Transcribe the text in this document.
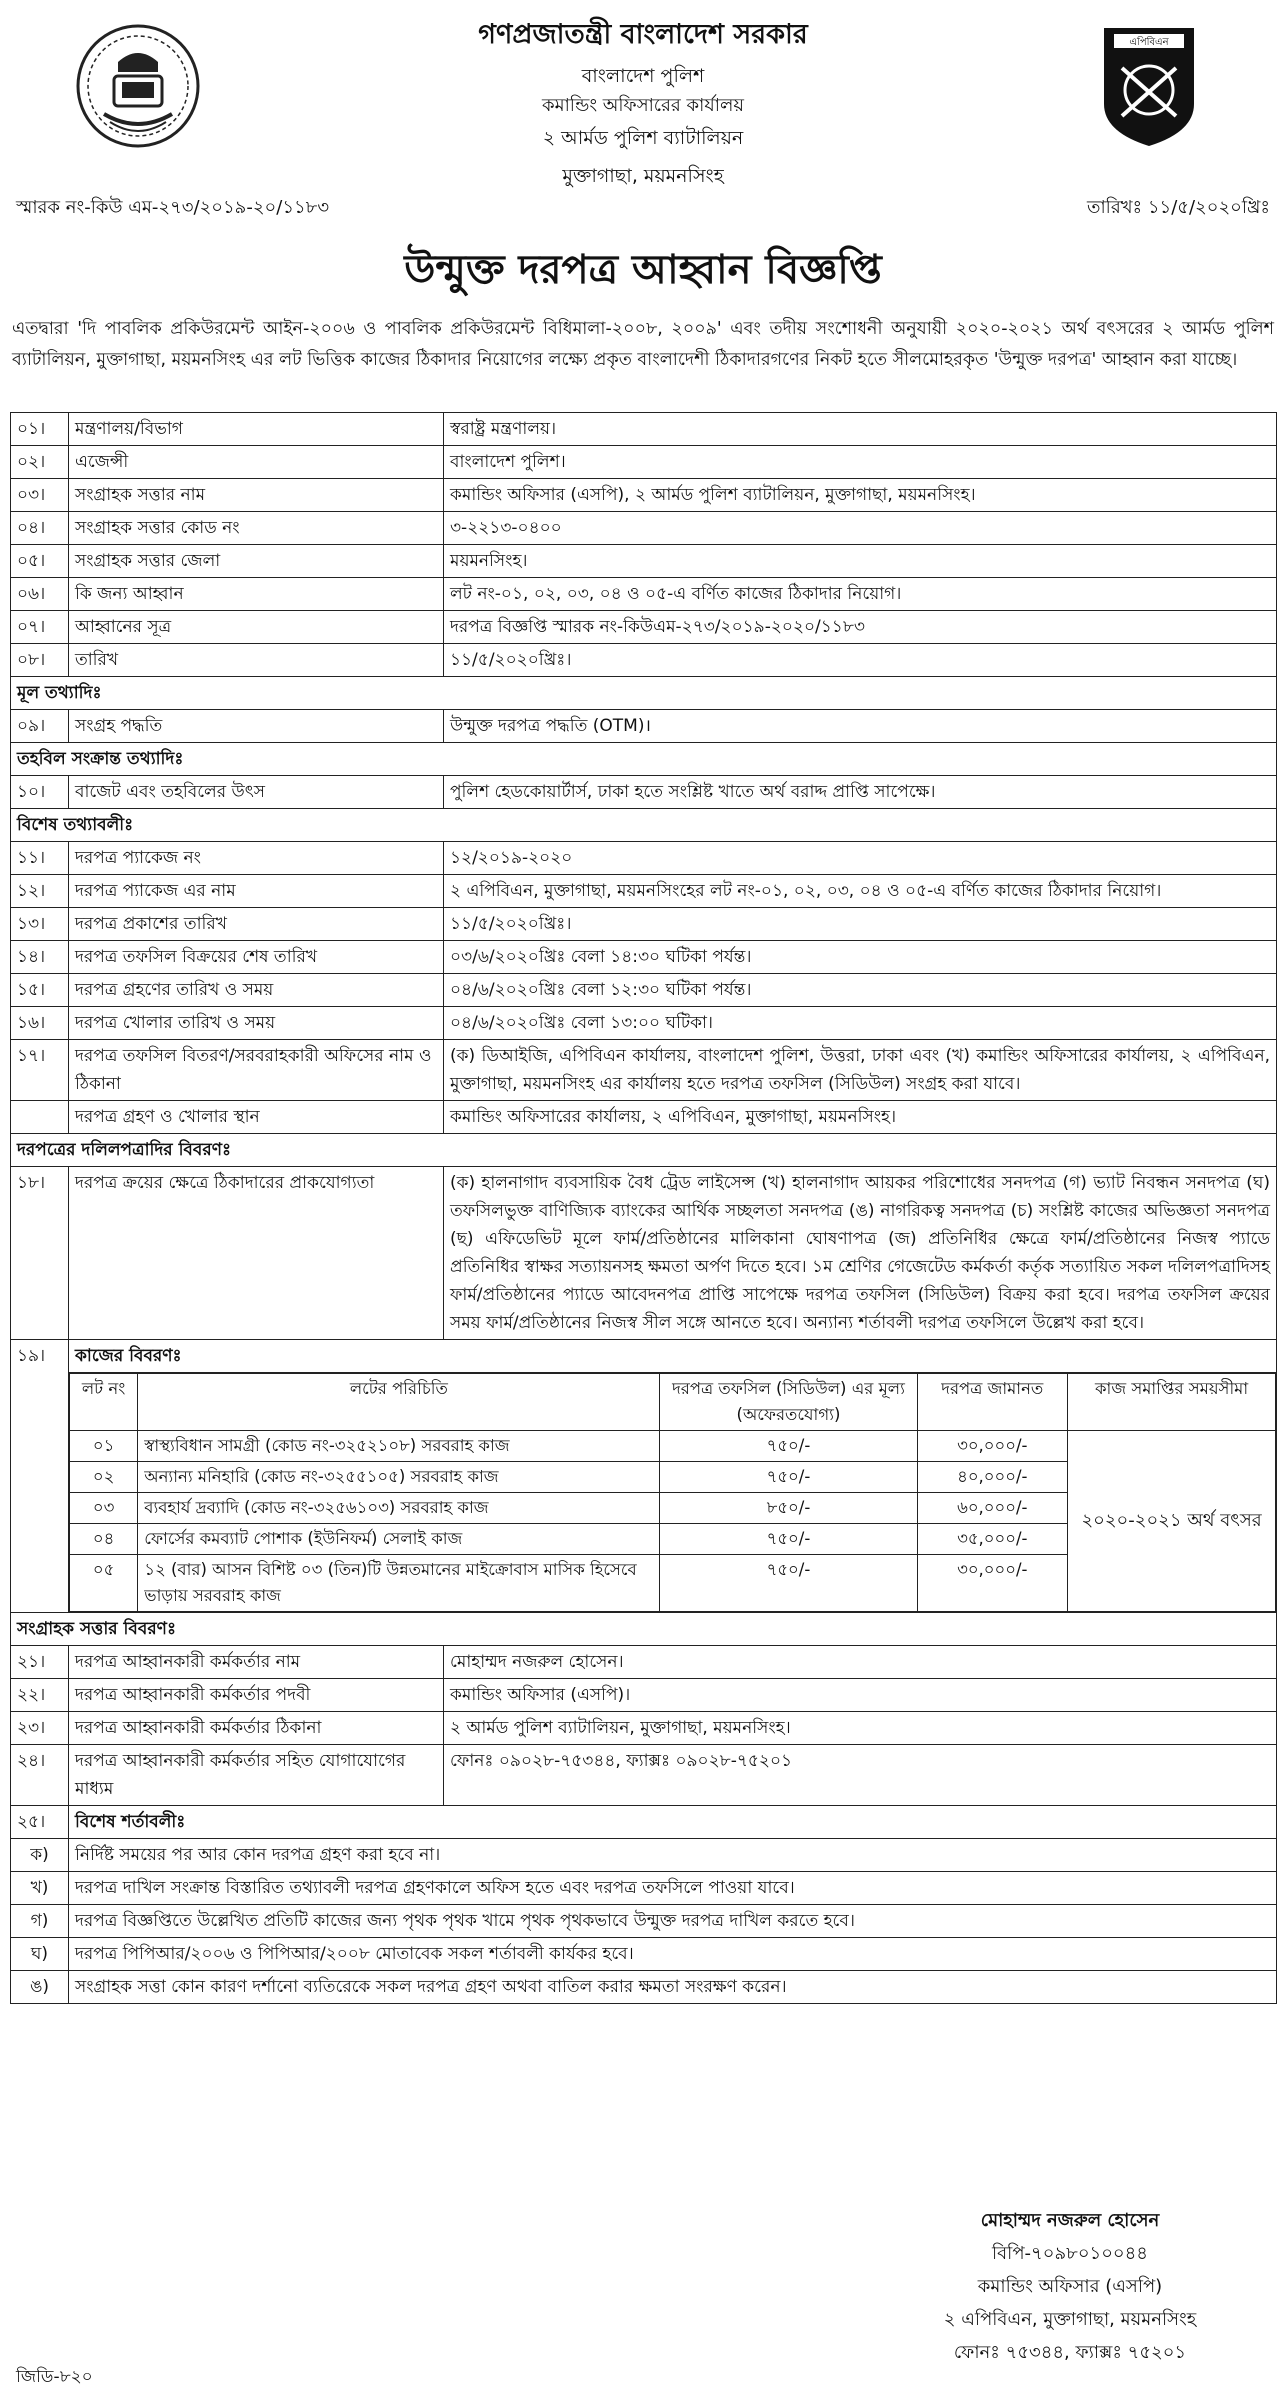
গণপ্রজাতন্ত্রী বাংলাদেশ সরকার
বাংলাদেশ পুলিশ
কমান্ডিং অফিসারের কার্যালয়
২ আর্মড পুলিশ ব্যাটালিয়ন
মুক্তাগাছা, ময়মনসিংহ
এপিবিএন
স্মারক নং-কিউ এম-২৭৩/২০১৯-২০/১১৮৩	তারিখঃ ১১/৫/২০২০খ্রিঃ
উন্মুক্ত দরপত্র আহ্বান বিজ্ঞপ্তি
এতদ্বারা 'দি পাবলিক প্রকিউরমেন্ট আইন-২০০৬ ও পাবলিক প্রকিউরমেন্ট বিধিমালা-২০০৮, ২০০৯' এবং তদীয় সংশোধনী অনুযায়ী ২০২০-২০২১ অর্থ বৎসরের ২ আর্মড পুলিশ ব্যাটালিয়ন, মুক্তাগাছা, ময়মনসিংহ এর লট ভিত্তিক কাজের ঠিকাদার নিয়োগের লক্ষ্যে প্রকৃত বাংলাদেশী ঠিকাদারগণের নিকট হতে সীলমোহরকৃত 'উন্মুক্ত দরপত্র' আহ্বান করা যাচ্ছে।
০১।	মন্ত্রণালয়/বিভাগ	স্বরাষ্ট্র মন্ত্রণালয়।
০২।	এজেন্সী	বাংলাদেশ পুলিশ।
০৩।	সংগ্রাহক সত্তার নাম	কমান্ডিং অফিসার (এসপি), ২ আর্মড পুলিশ ব্যাটালিয়ন, মুক্তাগাছা, ময়মনসিংহ।
০৪।	সংগ্রাহক সত্তার কোড নং	৩-২২১৩-০৪০০
০৫।	সংগ্রাহক সত্তার জেলা	ময়মনসিংহ।
০৬।	কি জন্য আহ্বান	লট নং-০১, ০২, ০৩, ০৪ ও ০৫-এ বর্ণিত কাজের ঠিকাদার নিয়োগ।
০৭।	আহ্বানের সূত্র	দরপত্র বিজ্ঞপ্তি স্মারক নং-কিউএম-২৭৩/২০১৯-২০২০/১১৮৩
০৮।	তারিখ	১১/৫/২০২০খ্রিঃ।
মূল তথ্যাদিঃ
০৯।	সংগ্রহ পদ্ধতি	উন্মুক্ত দরপত্র পদ্ধতি (OTM)।
তহবিল সংক্রান্ত তথ্যাদিঃ
১০।	বাজেট এবং তহবিলের উৎস	পুলিশ হেডকোয়ার্টার্স, ঢাকা হতে সংশ্লিষ্ট খাতে অর্থ বরাদ্দ প্রাপ্তি সাপেক্ষে।
বিশেষ তথ্যাবলীঃ
১১।	দরপত্র প্যাকেজ নং	১২/২০১৯-২০২০
১২।	দরপত্র প্যাকেজ এর নাম	২ এপিবিএন, মুক্তাগাছা, ময়মনসিংহের লট নং-০১, ০২, ০৩, ০৪ ও ০৫-এ বর্ণিত কাজের ঠিকাদার নিয়োগ।
১৩।	দরপত্র প্রকাশের তারিখ	১১/৫/২০২০খ্রিঃ।
১৪।	দরপত্র তফসিল বিক্রয়ের শেষ তারিখ	০৩/৬/২০২০খ্রিঃ বেলা ১৪:৩০ ঘটিকা পর্যন্ত।
১৫।	দরপত্র গ্রহণের তারিখ ও সময়	০৪/৬/২০২০খ্রিঃ বেলা ১২:৩০ ঘটিকা পর্যন্ত।
১৬।	দরপত্র খোলার তারিখ ও সময়	০৪/৬/২০২০খ্রিঃ বেলা ১৩:০০ ঘটিকা।
১৭।	দরপত্র তফসিল বিতরণ/সরবরাহকারী অফিসের নাম ও ঠিকানা	(ক) ডিআইজি, এপিবিএন কার্যালয়, বাংলাদেশ পুলিশ, উত্তরা, ঢাকা এবং (খ) কমান্ডিং অফিসারের কার্যালয়, ২ এপিবিএন, মুক্তাগাছা, ময়মনসিংহ এর কার্যালয় হতে দরপত্র তফসিল (সিডিউল) সংগ্রহ করা যাবে।
	দরপত্র গ্রহণ ও খোলার স্থান	কমান্ডিং অফিসারের কার্যালয়, ২ এপিবিএন, মুক্তাগাছা, ময়মনসিংহ।
দরপত্রের দলিলপত্রাদির বিবরণঃ
১৮।	দরপত্র ক্রয়ের ক্ষেত্রে ঠিকাদারের প্রাকযোগ্যতা	(ক) হালনাগাদ ব্যবসায়িক বৈধ ট্রেড লাইসেন্স (খ) হালনাগাদ আয়কর পরিশোধের সনদপত্র (গ) ভ্যাট নিবন্ধন সনদপত্র (ঘ) তফসিলভুক্ত বাণিজ্যিক ব্যাংকের আর্থিক সচ্ছলতা সনদপত্র (ঙ) নাগরিকত্ব সনদপত্র (চ) সংশ্লিষ্ট কাজের অভিজ্ঞতা সনদপত্র (ছ) এফিডেভিট মূলে ফার্ম/প্রতিষ্ঠানের মালিকানা ঘোষণাপত্র (জ) প্রতিনিধির ক্ষেত্রে ফার্ম/প্রতিষ্ঠানের নিজস্ব প্যাডে প্রতিনিধির স্বাক্ষর সত্যায়নসহ ক্ষমতা অর্পণ দিতে হবে। ১ম শ্রেণির গেজেটেড কর্মকর্তা কর্তৃক সত্যায়িত সকল দলিলপত্রাদিসহ ফার্ম/প্রতিষ্ঠানের প্যাডে আবেদনপত্র প্রাপ্তি সাপেক্ষে দরপত্র তফসিল (সিডিউল) বিক্রয় করা হবে। দরপত্র তফসিল ক্রয়ের সময় ফার্ম/প্রতিষ্ঠানের নিজস্ব সীল সঙ্গে আনতে হবে। অন্যান্য শর্তাবলী দরপত্র তফসিলে উল্লেখ করা হবে।
১৯।	কাজের বিবরণঃ
লট নং	লটের পরিচিতি	দরপত্র তফসিল (সিডিউল) এর মূল্য (অফেরতযোগ্য)	দরপত্র জামানত	কাজ সমাপ্তির সময়সীমা
০১	স্বাস্থ্যবিধান সামগ্রী (কোড নং-৩২৫২১০৮) সরবরাহ কাজ	৭৫০/-	৩০,০০০/-	২০২০-২০২১ অর্থ বৎসর
০২	অন্যান্য মনিহারি (কোড নং-৩২৫৫১০৫) সরবরাহ কাজ	৭৫০/-	৪০,০০০/-
০৩	ব্যবহার্য দ্রব্যাদি (কোড নং-৩২৫৬১০৩) সরবরাহ কাজ	৮৫০/-	৬০,০০০/-
০৪	ফোর্সের কমব্যাট পোশাক (ইউনিফর্ম) সেলাই কাজ	৭৫০/-	৩৫,০০০/-
০৫	১২ (বার) আসন বিশিষ্ট ০৩ (তিন)টি উন্নতমানের মাইক্রোবাস মাসিক হিসেবে ভাড়ায় সরবরাহ কাজ	৭৫০/-	৩০,০০০/-

সংগ্রাহক সত্তার বিবরণঃ
২১।	দরপত্র আহ্বানকারী কর্মকর্তার নাম	মোহাম্মদ নজরুল হোসেন।
২২।	দরপত্র আহ্বানকারী কর্মকর্তার পদবী	কমান্ডিং অফিসার (এসপি)।
২৩।	দরপত্র আহ্বানকারী কর্মকর্তার ঠিকানা	২ আর্মড পুলিশ ব্যাটালিয়ন, মুক্তাগাছা, ময়মনসিংহ।
২৪।	দরপত্র আহ্বানকারী কর্মকর্তার সহিত যোগাযোগের মাধ্যম	ফোনঃ ০৯০২৮-৭৫৩৪৪, ফ্যাক্সঃ ০৯০২৮-৭৫২০১
২৫।	বিশেষ শর্তাবলীঃ
ক)	নির্দিষ্ট সময়ের পর আর কোন দরপত্র গ্রহণ করা হবে না।
খ)	দরপত্র দাখিল সংক্রান্ত বিস্তারিত তথ্যাবলী দরপত্র গ্রহণকালে অফিস হতে এবং দরপত্র তফসিলে পাওয়া যাবে।
গ)	দরপত্র বিজ্ঞপ্তিতে উল্লেখিত প্রতিটি কাজের জন্য পৃথক পৃথক খামে পৃথক পৃথকভাবে উন্মুক্ত দরপত্র দাখিল করতে হবে।
ঘ)	দরপত্র পিপিআর/২০০৬ ও পিপিআর/২০০৮ মোতাবেক সকল শর্তাবলী কার্যকর হবে।
ঙ)	সংগ্রাহক সত্তা কোন কারণ দর্শানো ব্যতিরেকে সকল দরপত্র গ্রহণ অথবা বাতিল করার ক্ষমতা সংরক্ষণ করেন।
মোহাম্মদ নজরুল হোসেন
বিপি-৭০৯৮০১০০৪৪
কমান্ডিং অফিসার (এসপি)
২ এপিবিএন, মুক্তাগাছা, ময়মনসিংহ
ফোনঃ ৭৫৩৪৪, ফ্যাক্সঃ ৭৫২০১
জিডি-৮২০
